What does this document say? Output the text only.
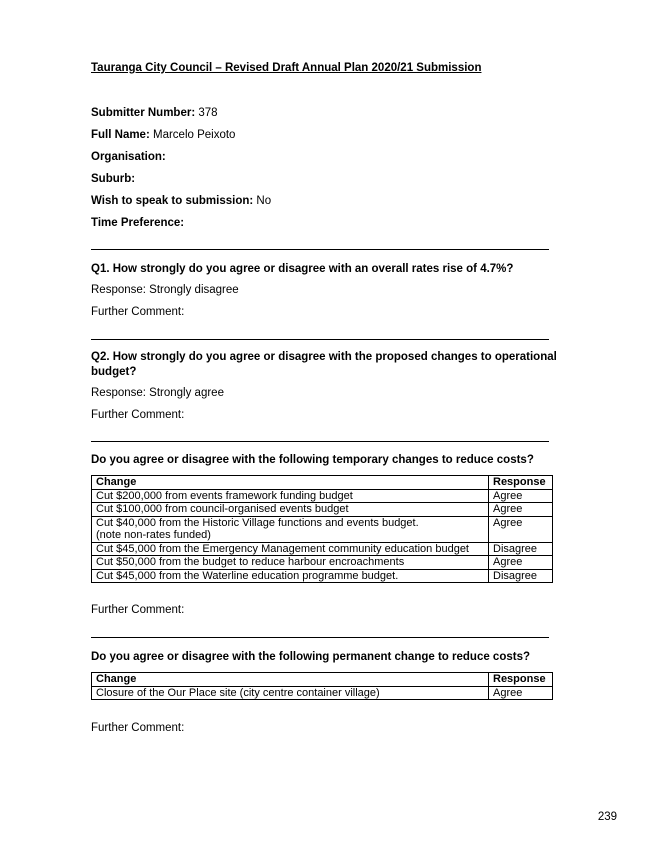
Tauranga City Council – Revised Draft Annual Plan 2020/21 Submission
Submitter Number: 378
Full Name: Marcelo Peixoto
Organisation:
Suburb:
Wish to speak to submission: No
Time Preference:
Q1. How strongly do you agree or disagree with an overall rates rise of 4.7%?
Response: Strongly disagree
Further Comment:
Q2. How strongly do you agree or disagree with the proposed changes to operational budget?
Response: Strongly agree
Further Comment:
Do you agree or disagree with the following temporary changes to reduce costs?
Change	Response
Cut $200,000 from events framework funding budget	Agree
Cut $100,000 from council-organised events budget	Agree
Cut $40,000 from the Historic Village functions and events budget.
(note non-rates funded)	Agree
Cut $45,000 from the Emergency Management community education budget	Disagree
Cut $50,000 from the budget to reduce harbour encroachments	Agree
Cut $45,000 from the Waterline education programme budget.	Disagree
Further Comment:
Do you agree or disagree with the following permanent change to reduce costs?
Change	Response
Closure of the Our Place site (city centre container village)	Agree
Further Comment:
239
